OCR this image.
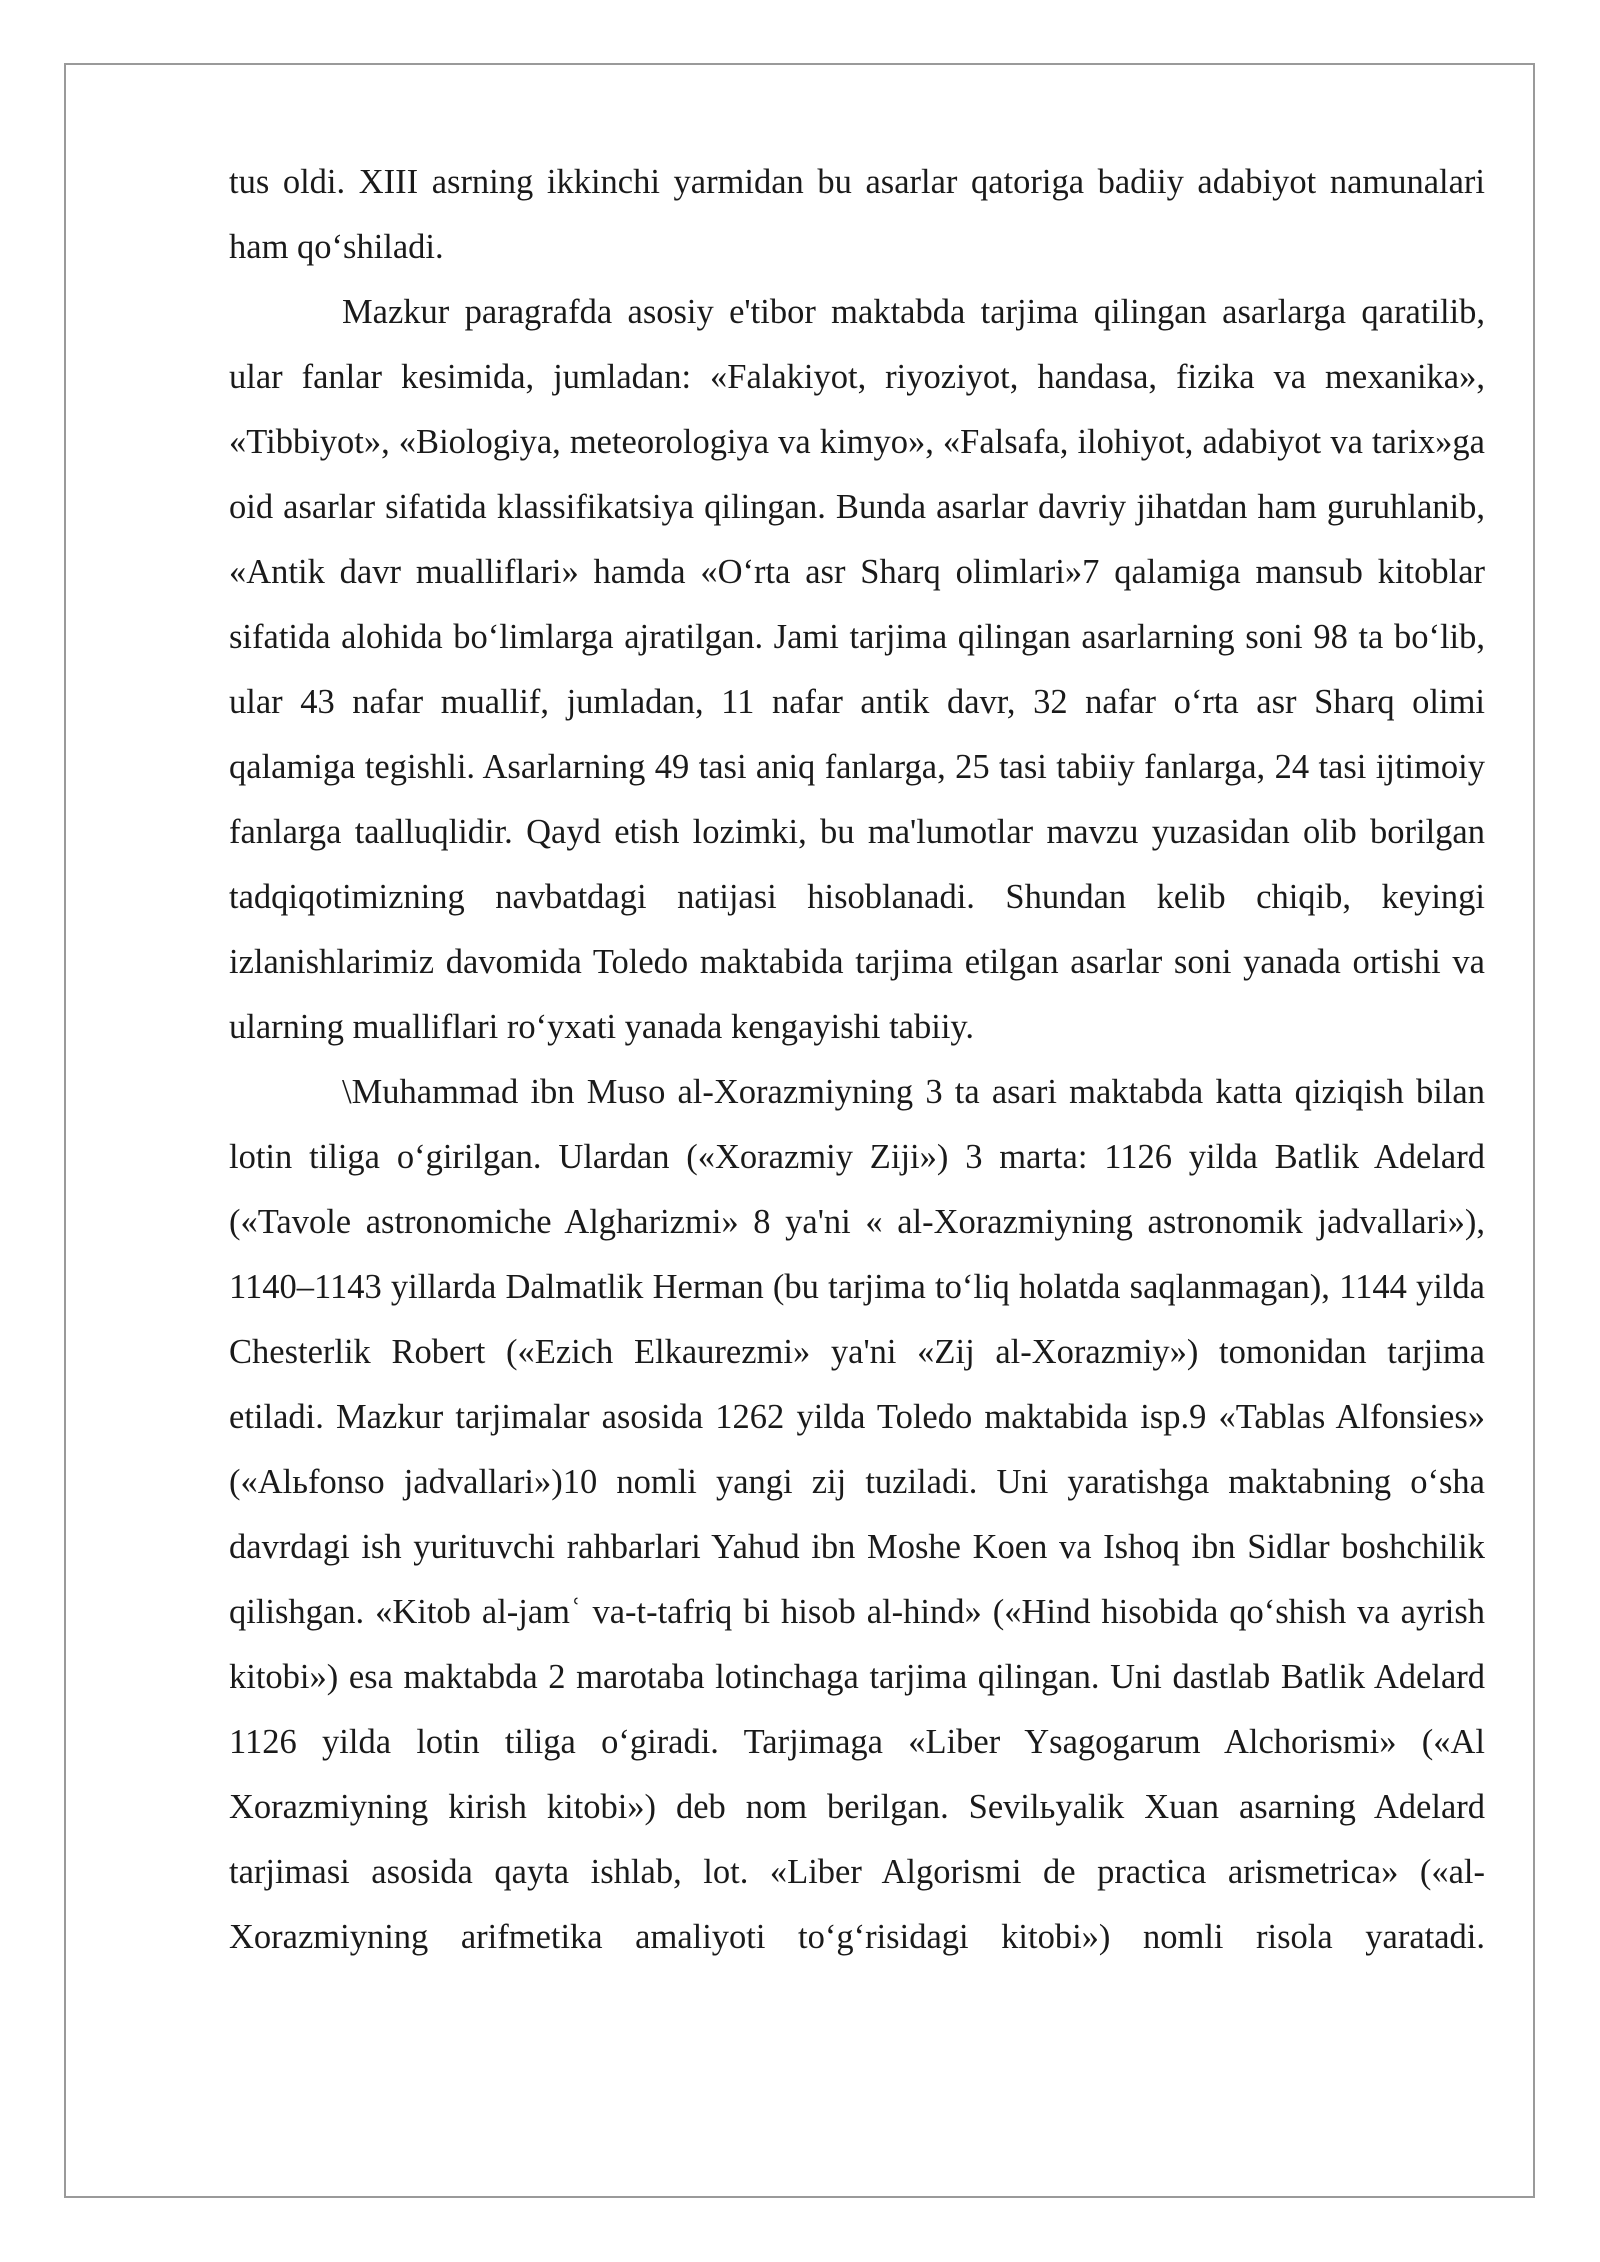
tus oldi. XIII asrning ikkinchi yarmidan bu asarlar qatoriga badiiy adabiyot namunalari ham qo‘shiladi.

Mazkur paragrafda asosiy e'tibor maktabda tarjima qilingan asarlarga qaratilib, ular fanlar kesimida, jumladan: «Falakiyot, riyoziyot, handasa, fizika va mexanika», «Tibbiyot», «Biologiya, meteorologiya va kimyo», «Falsafa, ilohiyot, adabiyot va tarix»ga oid asarlar sifatida klassifikatsiya qilingan. Bunda asarlar davriy jihatdan ham guruhlanib, «Antik davr mualliflari» hamda «O‘rta asr Sharq olimlari»7 qalamiga mansub kitoblar sifatida alohida bo‘limlarga ajratilgan. Jami tarjima qilingan asarlarning soni 98 ta bo‘lib, ular 43 nafar muallif, jumladan, 11 nafar antik davr, 32 nafar o‘rta asr Sharq olimi qalamiga tegishli. Asarlarning 49 tasi aniq fanlarga, 25 tasi tabiiy fanlarga, 24 tasi ijtimoiy fanlarga taalluqlidir. Qayd etish lozimki, bu ma'lumotlar mavzu yuzasidan olib borilgan tadqiqotimizning navbatdagi natijasi hisoblanadi. Shundan kelib chiqib, keyingi izlanishlarimiz davomida Toledo maktabida tarjima etilgan asarlar soni yanada ortishi va ularning mualliflari ro‘yxati yanada kengayishi tabiiy.

\Muhammad ibn Muso al-Xorazmiyning 3 ta asari maktabda katta qiziqish bilan lotin tiliga o‘girilgan. Ulardan («Xorazmiy Ziji») 3 marta: 1126 yilda Batlik Adelard («Tavole astronomiche Algharizmi» 8 ya'ni « al-Xorazmiyning astronomik jadvallari»), 1140–1143 yillarda Dalmatlik Herman (bu tarjima to‘liq holatda saqlanmagan), 1144 yilda Chesterlik Robert («Ezich Elkaurezmi» ya'ni «Zij al-Xorazmiy») tomonidan tarjima etiladi. Mazkur tarjimalar asosida 1262 yilda Toledo maktabida isp.9 «Tablas Alfonsies» («Alьfonso jadvallari»)10 nomli yangi zij tuziladi. Uni yaratishga maktabning o‘sha davrdagi ish yurituvchi rahbarlari Yahud ibn Moshe Koen va Ishoq ibn Sidlar boshchilik qilishgan. «Kitob al-jamʿ va-t-tafriq bi hisob al-hind» («Hind hisobida qo‘shish va ayrish kitobi») esa maktabda 2 marotaba lotinchaga tarjima qilingan. Uni dastlab Batlik Adelard 1126 yilda lotin tiliga o‘giradi. Tarjimaga «Liber Ysagogarum Alchorismi» («Al Xorazmiyning kirish kitobi») deb nom berilgan. Sevilьyalik Xuan asarning Adelard tarjimasi asosida qayta ishlab, lot. «Liber Algorismi de practica arismetrica» («al-Xorazmiyning arifmetika amaliyoti to‘g‘risidagi kitobi») nomli risola yaratadi.
